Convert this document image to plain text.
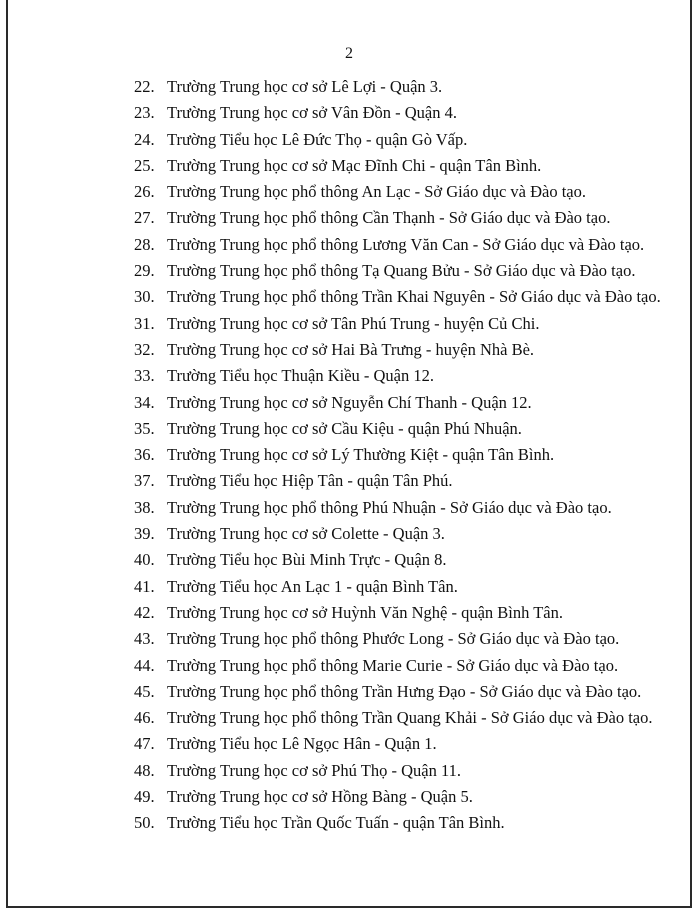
2
22. Trường Trung học cơ sở Lê Lợi - Quận 3.
23. Trường Trung học cơ sở Vân Đồn - Quận 4.
24. Trường Tiểu học Lê Đức Thọ - quận Gò Vấp.
25. Trường Trung học cơ sở Mạc Đĩnh Chi - quận Tân Bình.
26. Trường Trung học phổ thông An Lạc - Sở Giáo dục và Đào tạo.
27. Trường Trung học phổ thông Cần Thạnh - Sở Giáo dục và Đào tạo.
28. Trường Trung học phổ thông Lương Văn Can - Sở Giáo dục và Đào tạo.
29. Trường Trung học phổ thông Tạ Quang Bửu - Sở Giáo dục và Đào tạo.
30. Trường Trung học phổ thông Trần Khai Nguyên - Sở Giáo dục và Đào tạo.
31. Trường Trung học cơ sở Tân Phú Trung - huyện Củ Chi.
32. Trường Trung học cơ sở Hai Bà Trưng - huyện Nhà Bè.
33. Trường Tiểu học Thuận Kiều - Quận 12.
34. Trường Trung học cơ sở Nguyễn Chí Thanh - Quận 12.
35. Trường Trung học cơ sở Cầu Kiệu - quận Phú Nhuận.
36. Trường Trung học cơ sở Lý Thường Kiệt - quận Tân Bình.
37. Trường Tiểu học Hiệp Tân - quận Tân Phú.
38. Trường Trung học phổ thông Phú Nhuận - Sở Giáo dục và Đào tạo.
39. Trường Trung học cơ sở Colette - Quận 3.
40. Trường Tiểu học Bùi Minh Trực - Quận 8.
41. Trường Tiểu học An Lạc 1 - quận Bình Tân.
42. Trường Trung học cơ sở Huỳnh Văn Nghệ - quận Bình Tân.
43. Trường Trung học phổ thông Phước Long - Sở Giáo dục và Đào tạo.
44. Trường Trung học phổ thông Marie Curie - Sở Giáo dục và Đào tạo.
45. Trường Trung học phổ thông Trần Hưng Đạo - Sở Giáo dục và Đào tạo.
46. Trường Trung học phổ thông Trần Quang Khải - Sở Giáo dục và Đào tạo.
47. Trường Tiểu học Lê Ngọc Hân - Quận 1.
48. Trường Trung học cơ sở Phú Thọ - Quận 11.
49. Trường Trung học cơ sở Hồng Bàng - Quận 5.
50. Trường Tiểu học Trần Quốc Tuấn - quận Tân Bình.
